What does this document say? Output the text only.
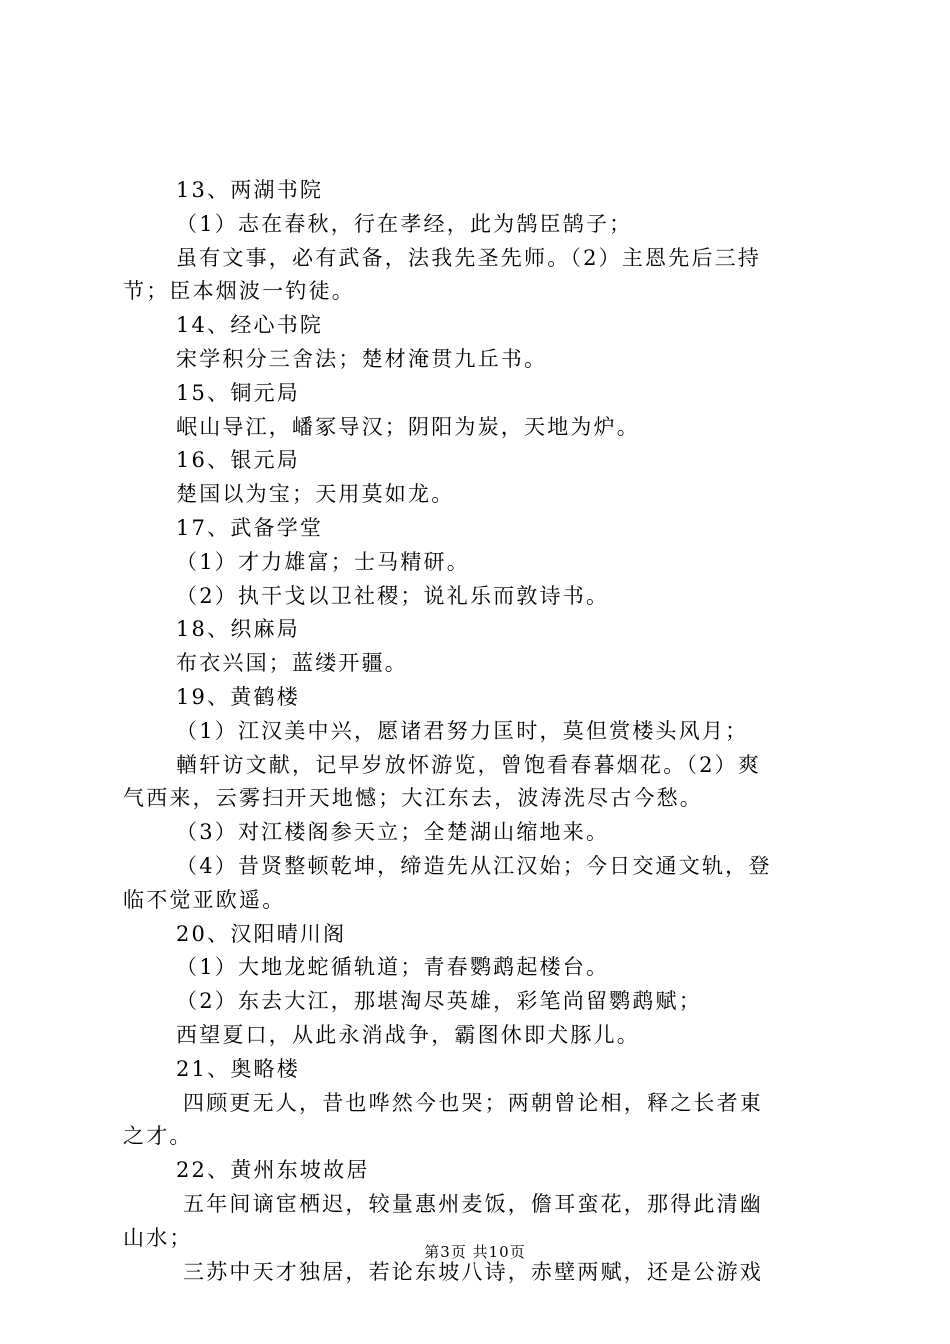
13、两湖书院
（1）志在春秋，行在孝经，此为鹄臣鹄子；
虽有文事，必有武备，法我先圣先师。（2）主恩先后三持
节；臣本烟波一钓徒。
14、经心书院
宋学积分三舍法；楚材淹贯九丘书。
15、铜元局
岷山导江，嶓冢导汉；阴阳为炭，天地为炉。
16、银元局
楚国以为宝；天用莫如龙。
17、武备学堂
（1）才力雄富；士马精研。
（2）执干戈以卫社稷；说礼乐而敦诗书。
18、织麻局
布衣兴国；蓝缕开疆。
19、黄鹤楼
（1）江汉美中兴，愿诸君努力匡时，莫但赏楼头风月；
輶轩访文献，记早岁放怀游览，曾饱看春暮烟花。（2）爽
气西来，云雾扫开天地憾；大江东去，波涛洗尽古今愁。
（3）对江楼阁参天立；全楚湖山缩地来。
（4）昔贤整顿乾坤，缔造先从江汉始；今日交通文轨，登
临不觉亚欧遥。
20、汉阳晴川阁
（1）大地龙蛇循轨道；青春鹦鹉起楼台。
（2）东去大江，那堪淘尽英雄，彩笔尚留鹦鹉赋；
西望夏口，从此永消战争，霸图休即犬豚儿。
21、奥略楼
四顾更无人，昔也哗然今也哭；两朝曾论相，释之长者東
之才。
22、黄州东坡故居
五年间谪宦栖迟，较量惠州麦饭，儋耳蛮花，那得此清幽
山水；
三苏中天才独居，若论东坡八诗，赤壁两赋，还是公游戏
第3页 共10页
